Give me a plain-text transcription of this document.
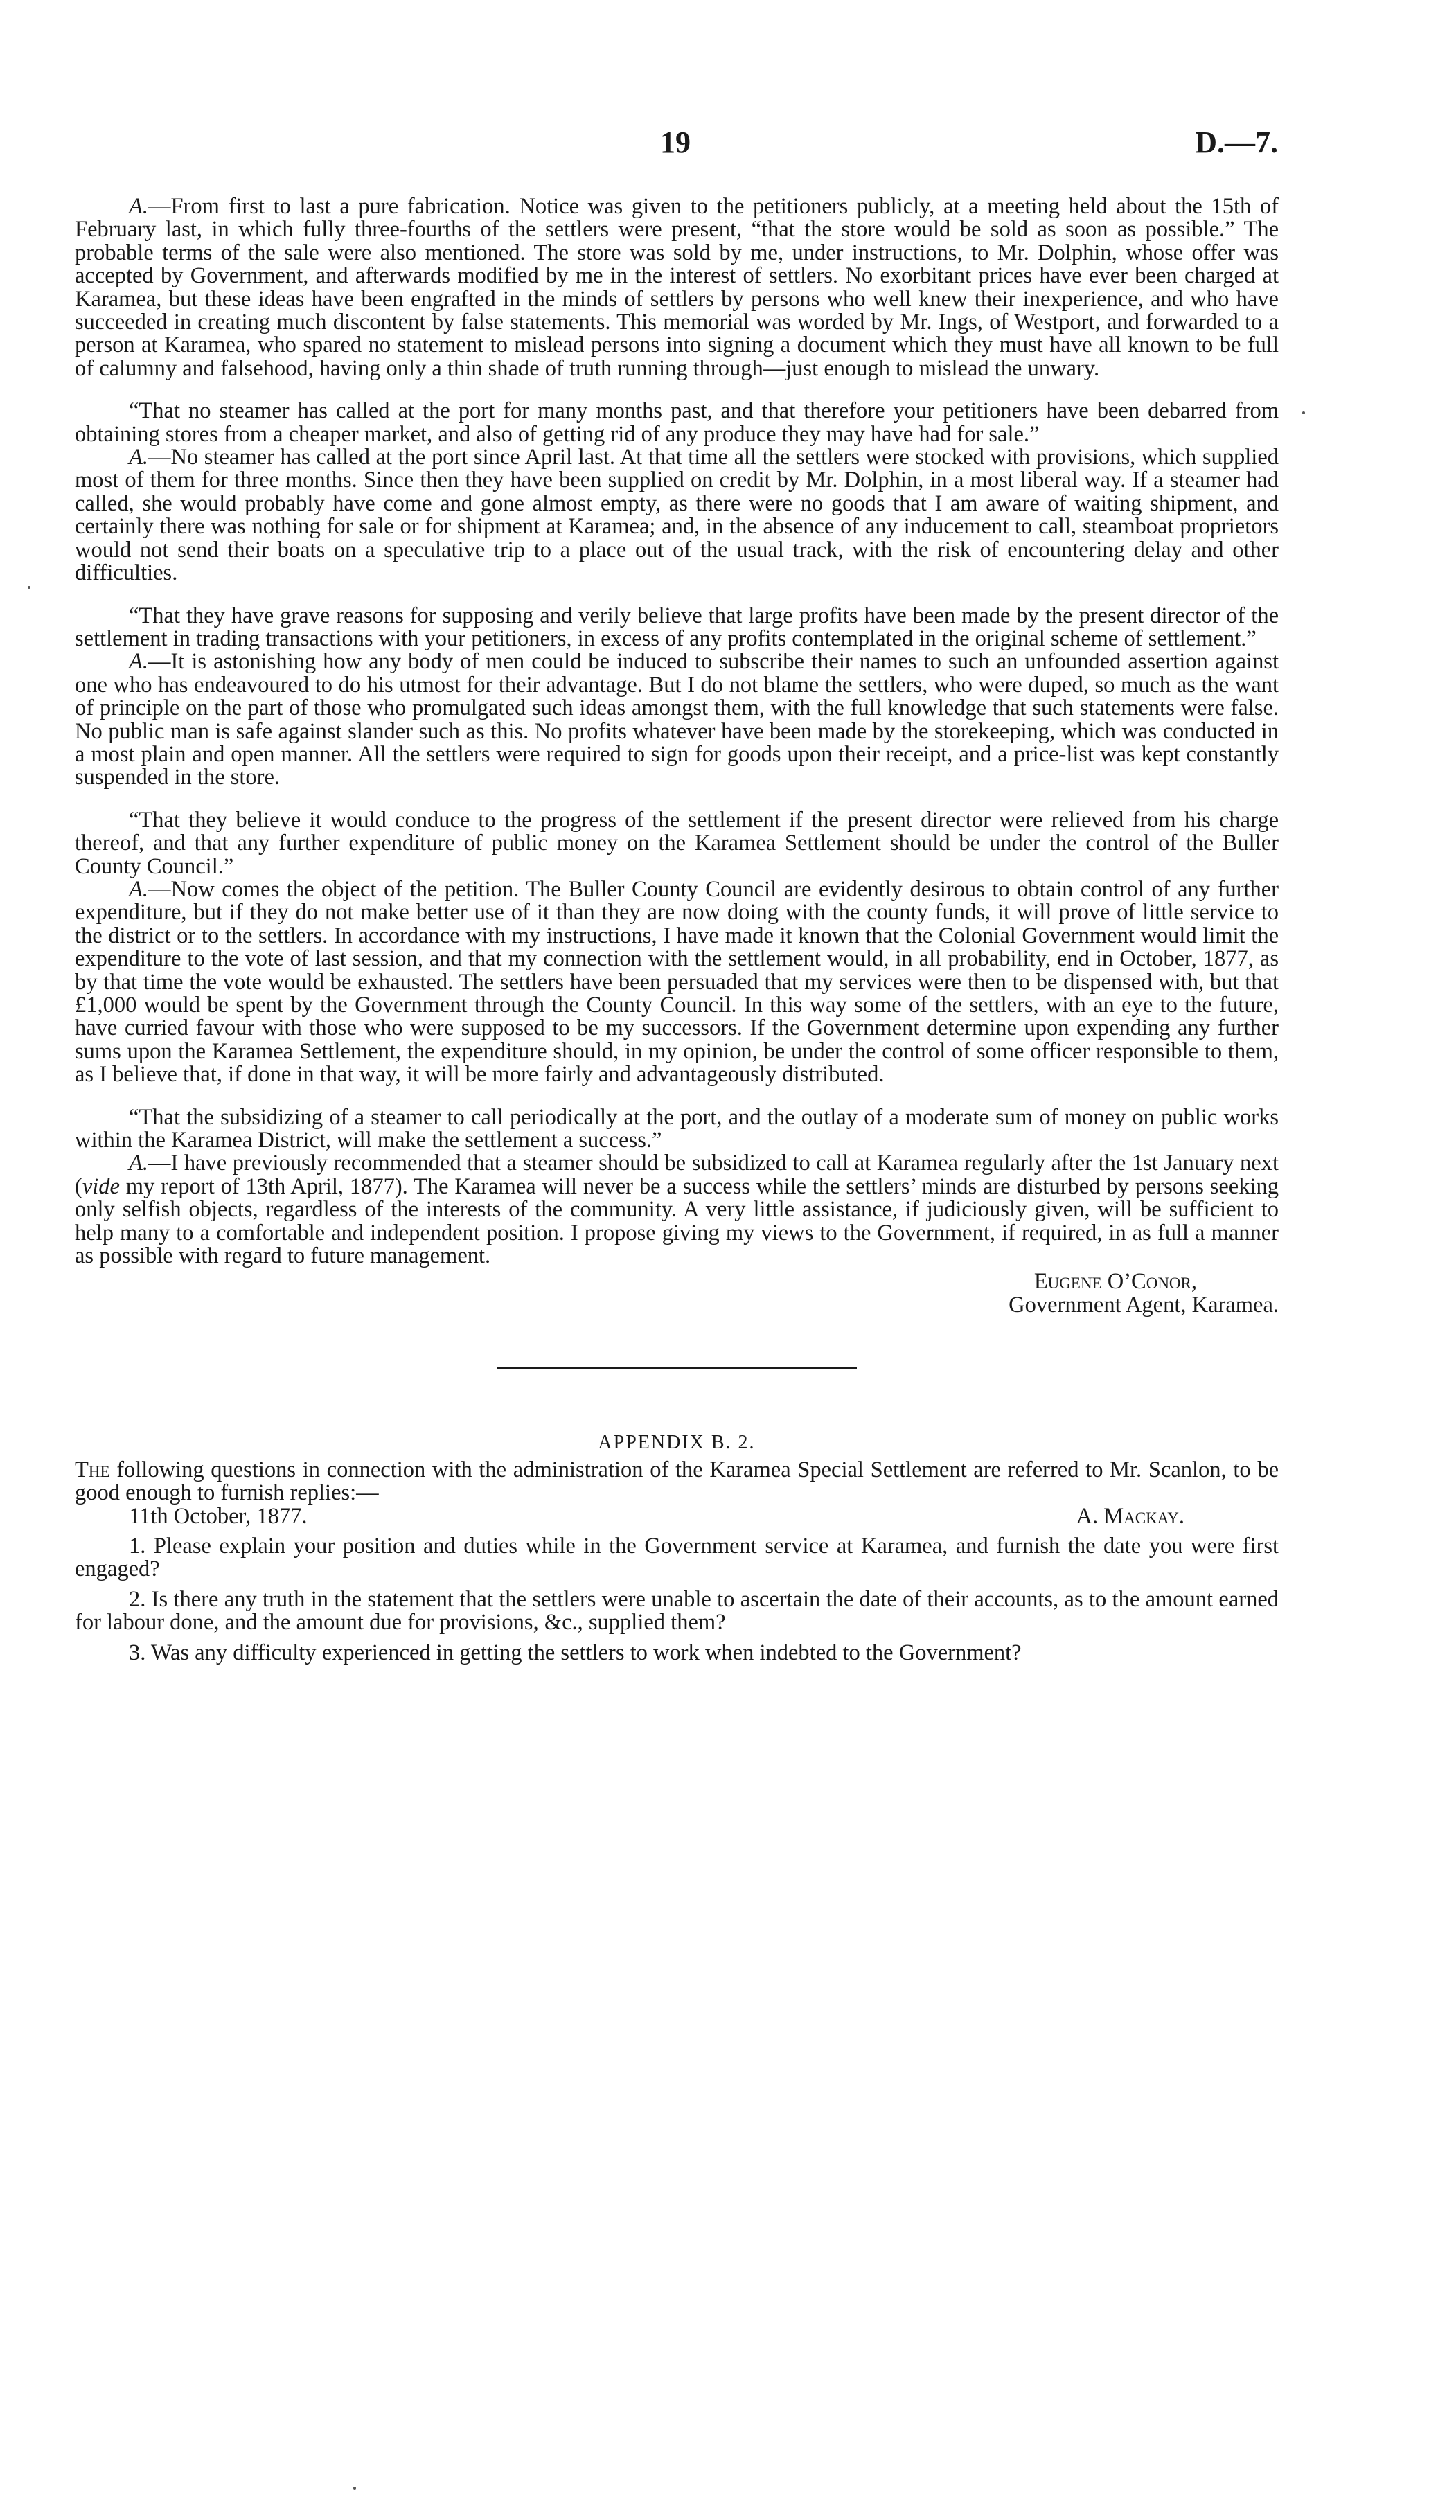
19	D.—7.

A.—From first to last a pure fabrication. Notice was given to the petitioners publicly, at a meeting held about the 15th of February last, in which fully three-fourths of the settlers were present, “that the store would be sold as soon as possible.” The probable terms of the sale were also mentioned. The store was sold by me, under instructions, to Mr. Dolphin, whose offer was accepted by Government, and afterwards modified by me in the interest of settlers. No exorbitant prices have ever been charged at Karamea, but these ideas have been engrafted in the minds of settlers by persons who well knew their inexperience, and who have succeeded in creating much discontent by false statements. This memorial was worded by Mr. Ings, of Westport, and forwarded to a person at Karamea, who spared no statement to mislead persons into signing a document which they must have all known to be full of calumny and falsehood, having only a thin shade of truth running through—just enough to mislead the unwary.

“That no steamer has called at the port for many months past, and that therefore your petitioners have been debarred from obtaining stores from a cheaper market, and also of getting rid of any produce they may have had for sale.”

A.—No steamer has called at the port since April last. At that time all the settlers were stocked with provisions, which supplied most of them for three months. Since then they have been supplied on credit by Mr. Dolphin, in a most liberal way. If a steamer had called, she would probably have come and gone almost empty, as there were no goods that I am aware of waiting shipment, and certainly there was nothing for sale or for shipment at Karamea; and, in the absence of any inducement to call, steamboat proprietors would not send their boats on a speculative trip to a place out of the usual track, with the risk of encountering delay and other difficulties.

“That they have grave reasons for supposing and verily believe that large profits have been made by the present director of the settlement in trading transactions with your petitioners, in excess of any profits contemplated in the original scheme of settlement.”

A.—It is astonishing how any body of men could be induced to subscribe their names to such an unfounded assertion against one who has endeavoured to do his utmost for their advantage. But I do not blame the settlers, who were duped, so much as the want of principle on the part of those who promulgated such ideas amongst them, with the full knowledge that such statements were false. No public man is safe against slander such as this. No profits whatever have been made by the storekeeping, which was conducted in a most plain and open manner. All the settlers were required to sign for goods upon their receipt, and a price-list was kept constantly suspended in the store.

“That they believe it would conduce to the progress of the settlement if the present director were relieved from his charge thereof, and that any further expenditure of public money on the Karamea Settlement should be under the control of the Buller County Council.”

A.—Now comes the object of the petition. The Buller County Council are evidently desirous to obtain control of any further expenditure, but if they do not make better use of it than they are now doing with the county funds, it will prove of little service to the district or to the settlers. In accordance with my instructions, I have made it known that the Colonial Government would limit the expenditure to the vote of last session, and that my connection with the settlement would, in all probability, end in October, 1877, as by that time the vote would be exhausted. The settlers have been persuaded that my services were then to be dispensed with, but that £1,000 would be spent by the Government through the County Council. In this way some of the settlers, with an eye to the future, have curried favour with those who were supposed to be my successors. If the Government determine upon expending any further sums upon the Karamea Settlement, the expenditure should, in my opinion, be under the control of some officer responsible to them, as I believe that, if done in that way, it will be more fairly and advantageously distributed.

“That the subsidizing of a steamer to call periodically at the port, and the outlay of a moderate sum of money on public works within the Karamea District, will make the settlement a success.”

A.—I have previously recommended that a steamer should be subsidized to call at Karamea regularly after the 1st January next (vide my report of 13th April, 1877). The Karamea will never be a success while the settlers’ minds are disturbed by persons seeking only selfish objects, regardless of the interests of the community. A very little assistance, if judiciously given, will be sufficient to help many to a comfortable and independent position. I propose giving my views to the Government, if required, in as full a manner as possible with regard to future management.

Eugene O’Conor,
Government Agent, Karamea.
APPENDIX B. 2.

The following questions in connection with the administration of the Karamea Special Settlement are referred to Mr. Scanlon, to be good enough to furnish replies:—

11th October, 1877.	A. Mackay.

1. Please explain your position and duties while in the Government service at Karamea, and furnish the date you were first engaged?

2. Is there any truth in the statement that the settlers were unable to ascertain the date of their accounts, as to the amount earned for labour done, and the amount due for provisions, &c., supplied them?

3. Was any difficulty experienced in getting the settlers to work when indebted to the Government?
